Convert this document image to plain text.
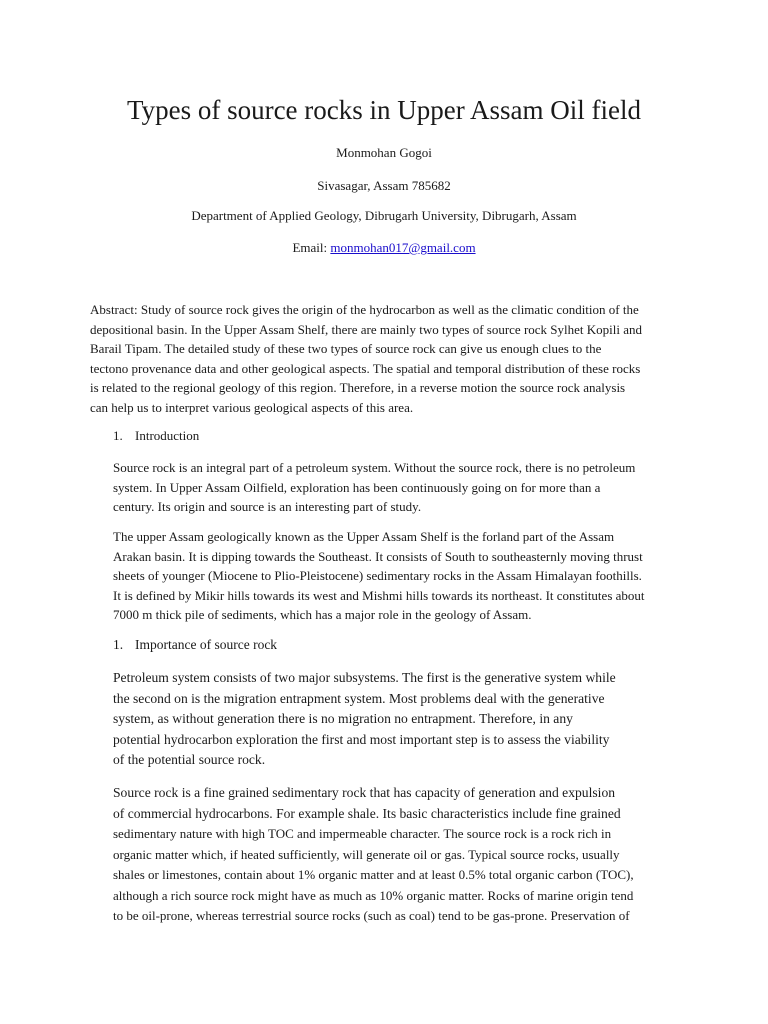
Types of source rocks in Upper Assam Oil field

Monmohan Gogoi

Sivasagar, Assam 785682

Department of Applied Geology, Dibrugarh University, Dibrugarh, Assam

Email: monmohan017@gmail.com

Abstract: Study of source rock gives the origin of the hydrocarbon as well as the climatic condition of the
depositional basin. In the Upper Assam Shelf, there are mainly two types of source rock Sylhet Kopili and
Barail Tipam. The detailed study of these two types of source rock can give us enough clues to the
tectono provenance data and other geological aspects. The spatial and temporal distribution of these rocks
is related to the regional geology of this region. Therefore, in a reverse motion the source rock analysis
can help us to interpret various geological aspects of this area.

1. Introduction

Source rock is an integral part of a petroleum system. Without the source rock, there is no petroleum
system. In Upper Assam Oilfield, exploration has been continuously going on for more than a
century. Its origin and source is an interesting part of study.

The upper Assam geologically known as the Upper Assam Shelf is the forland part of the Assam
Arakan basin. It is dipping towards the Southeast. It consists of South to southeasternly moving thrust
sheets of younger (Miocene to Plio-Pleistocene) sedimentary rocks in the Assam Himalayan foothills.
It is defined by Mikir hills towards its west and Mishmi hills towards its northeast. It constitutes about
7000 m thick pile of sediments, which has a major role in the geology of Assam.

1. Importance of source rock

Petroleum system consists of two major subsystems. The first is the generative system while
the second on is the migration entrapment system. Most problems deal with the generative
system, as without generation there is no migration no entrapment. Therefore, in any
potential hydrocarbon exploration the first and most important step is to assess the viability
of the potential source rock.

Source rock is a fine grained sedimentary rock that has capacity of generation and expulsion
of commercial hydrocarbons. For example shale. Its basic characteristics include fine grained
sedimentary nature with high TOC and impermeable character. The source rock is a rock rich in
organic matter which, if heated sufficiently, will generate oil or gas. Typical source rocks, usually
shales or limestones, contain about 1% organic matter and at least 0.5% total organic carbon (TOC),
although a rich source rock might have as much as 10% organic matter. Rocks of marine origin tend
to be oil-prone, whereas terrestrial source rocks (such as coal) tend to be gas-prone. Preservation of
